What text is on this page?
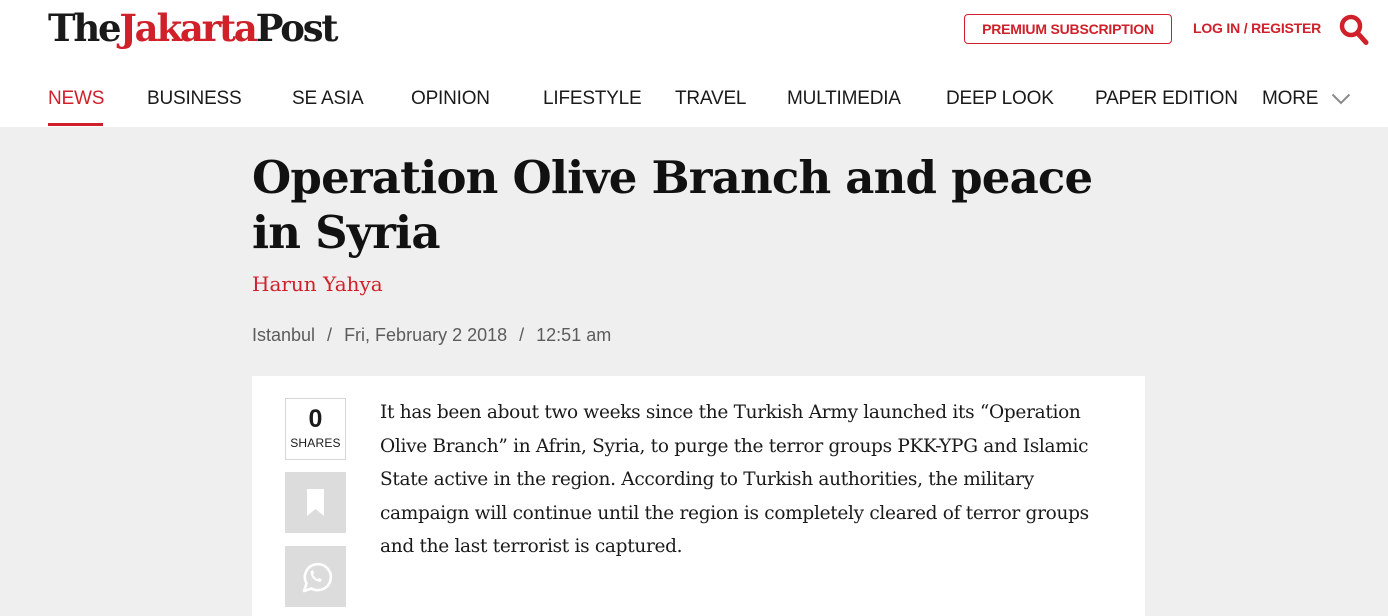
TheJakartaPost	PREMIUM SUBSCRIPTION	LOG IN / REGISTER
NEWS BUSINESS	SE ASIA	OPINION	LIFESTYLE TRAVEL MULTIMEDIA DEEP LOOK PAPER EDITION MORE
Operation Olive Branch and peace in Syria
Harun Yahya
Istanbul / Fri, February 2 2018 / 12:51 am
0
SHARES

It has been about two weeks since the Turkish Army launched its “Operation Olive Branch” in Afrin, Syria, to purge the terror groups PKK-YPG and Islamic State active in the region. According to Turkish authorities, the military campaign will continue until the region is completely cleared of terror groups and the last terrorist is captured.
